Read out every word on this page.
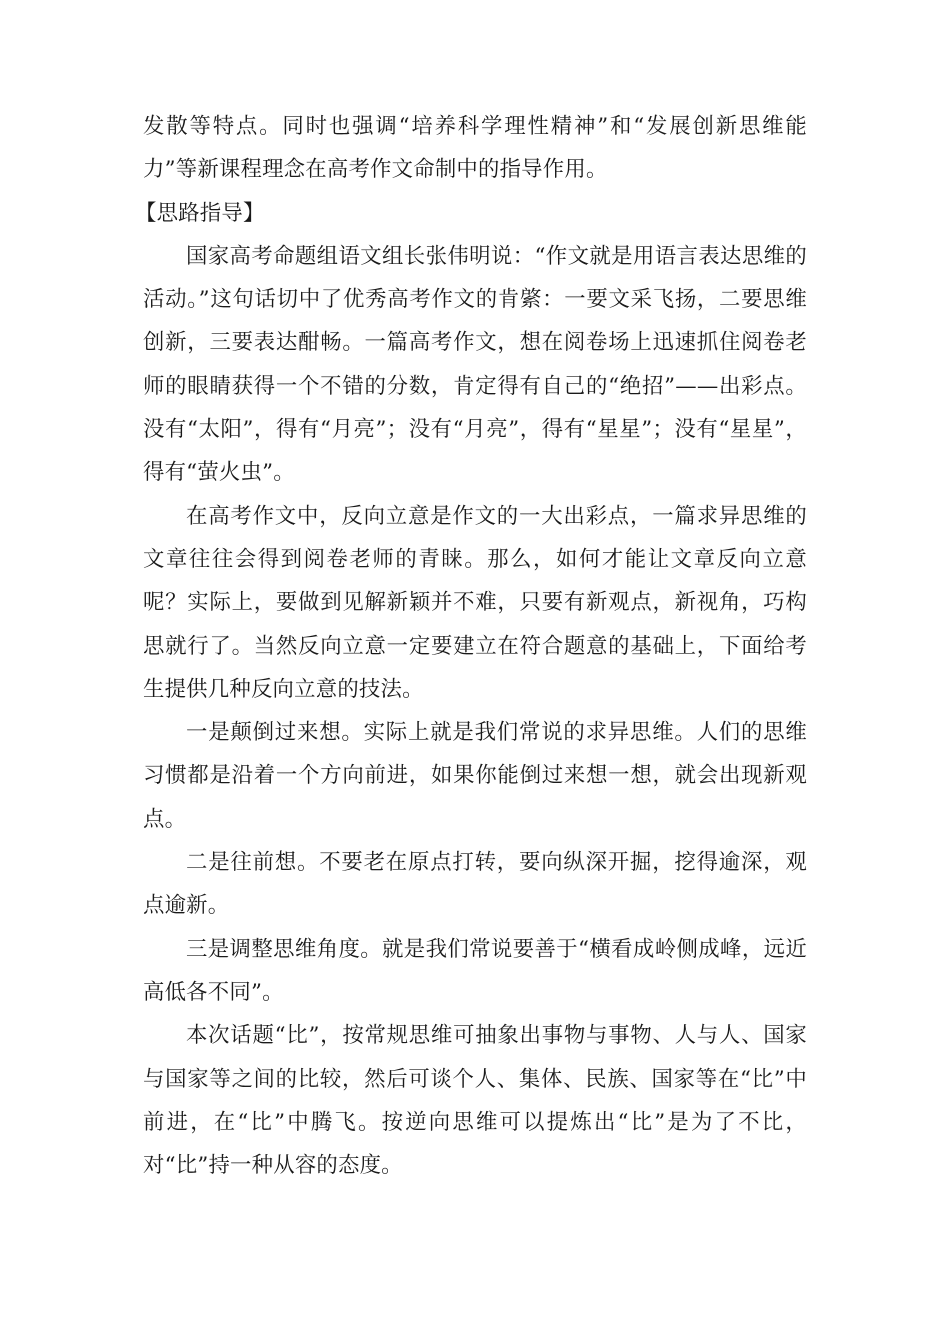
发散等特点。同时也强调“培养科学理性精神”和“发展创新思维能力”等新课程理念在高考作文命制中的指导作用。

【思路指导】

国家高考命题组语文组长张伟明说：“作文就是用语言表达思维的活动。”这句话切中了优秀高考作文的肯綮：一要文采飞扬，二要思维创新，三要表达酣畅。一篇高考作文，想在阅卷场上迅速抓住阅卷老师的眼睛获得一个不错的分数，肯定得有自己的“绝招”——出彩点。没有“太阳”，得有“月亮”；没有“月亮”，得有“星星”；没有“星星”，得有“萤火虫”。

在高考作文中，反向立意是作文的一大出彩点，一篇求异思维的文章往往会得到阅卷老师的青睐。那么，如何才能让文章反向立意呢？实际上，要做到见解新颖并不难，只要有新观点，新视角，巧构思就行了。当然反向立意一定要建立在符合题意的基础上，下面给考生提供几种反向立意的技法。

一是颠倒过来想。实际上就是我们常说的求异思维。人们的思维习惯都是沿着一个方向前进，如果你能倒过来想一想，就会出现新观点。

二是往前想。不要老在原点打转，要向纵深开掘，挖得逾深，观点逾新。

三是调整思维角度。就是我们常说要善于“横看成岭侧成峰，远近高低各不同”。

本次话题“比”，按常规思维可抽象出事物与事物、人与人、国家与国家等之间的比较，然后可谈个人、集体、民族、国家等在“比”中前进，在“比”中腾飞。按逆向思维可以提炼出“比”是为了不比，对“比”持一种从容的态度。
